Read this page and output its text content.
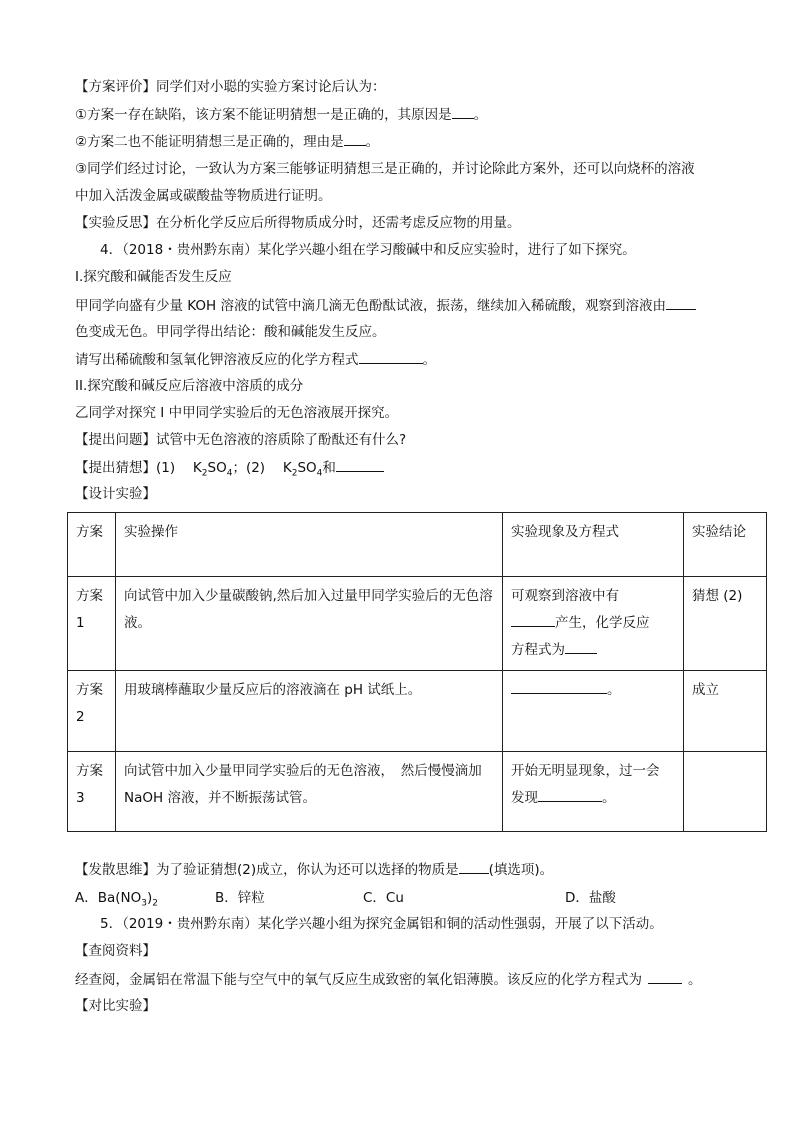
【方案评价】同学们对小聪的实验方案讨论后认为：
①方案一存在缺陷，该方案不能证明猜想一是正确的，其原因是 。
②方案二也不能证明猜想三是正确的，理由是 。
③同学们经过讨论，一致认为方案三能够证明猜想三是正确的，并讨论除此方案外，还可以向烧杯的溶液
中加入活泼金属或碳酸盐等物质进行证明。
【实验反思】在分析化学反应后所得物质成分时，还需考虑反应物的用量。
4．（2018・贵州黔东南）某化学兴趣小组在学习酸碱中和反应实验时，进行了如下探究。
I.探究酸和碱能否发生反应
甲同学向盛有少量 KOH 溶液的试管中滴几滴无色酚酞试液，振荡，继续加入稀硫酸，观察到溶液由
色变成无色。甲同学得出结论：酸和碱能发生反应。
请写出稀硫酸和氢氧化钾溶液反应的化学方程式	。
II.探究酸和碱反应后溶液中溶质的成分
乙同学对探究 I 中甲同学实验后的无色溶液展开探究。
【提出问题】试管中无色溶液的溶质除了酚酞还有什么?
【提出猜想】(1)　 $K_2SO_4$；(2)　 $K_2SO_4$和
【设计实验】
方案	实验操作	实验现象及方程式	实验结论
方案 1	向试管中加入少量碳酸钠,然后加入过量甲同学实验后的无色溶液。	可观察到溶液中有
产生，化学反应
方程式为	猜想 (2)
方案 2	用玻璃棒蘸取少量反应后的溶液滴在 pH 试纸上。	。	成立
方案 3	向试管中加入少量甲同学实验后的无色溶液，　然后慢慢滴加 NaOH 溶液，并不断振荡试管。	开始无明显现象，过一会
发现 。	
【发散思维】为了验证猜想(2)成立，你认为还可以选择的物质是 (填选项)。
A．$Ba(NO_3)_2$	B．锌粒	C．Cu	D．盐酸
5．（2019・贵州黔东南）某化学兴趣小组为探究金属铝和铜的活动性强弱，开展了以下活动。
【查阅资料】
经查阅，金属铝在常温下能与空气中的氧气反应生成致密的氧化铝薄膜。该反应的化学方程式为	。
【对比实验】
